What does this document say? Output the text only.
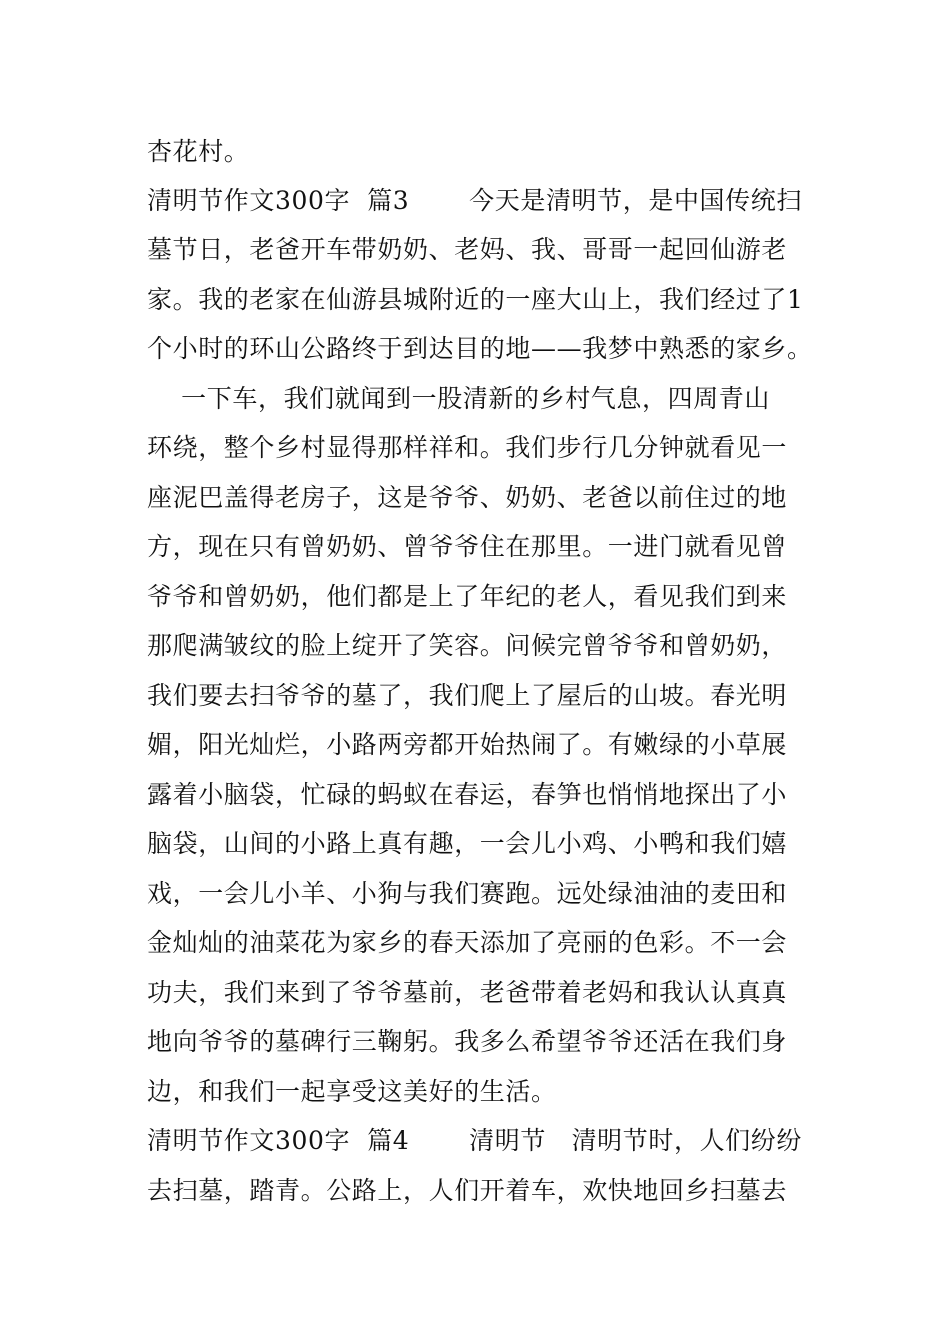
杏花村。
清明节作文300字  篇3       今天是清明节，是中国传统扫
墓节日，老爸开车带奶奶、老妈、我、哥哥一起回仙游老
家。我的老家在仙游县城附近的一座大山上，我们经过了1
个小时的环山公路终于到达目的地——我梦中熟悉的家乡。
一下车，我们就闻到一股清新的乡村气息，四周青山
环绕，整个乡村显得那样祥和。我们步行几分钟就看见一
座泥巴盖得老房子，这是爷爷、奶奶、老爸以前住过的地
方，现在只有曾奶奶、曾爷爷住在那里。一进门就看见曾
爷爷和曾奶奶，他们都是上了年纪的老人，看见我们到来
那爬满皱纹的脸上绽开了笑容。问候完曾爷爷和曾奶奶，
我们要去扫爷爷的墓了，我们爬上了屋后的山坡。春光明
媚，阳光灿烂，小路两旁都开始热闹了。有嫩绿的小草展
露着小脑袋，忙碌的蚂蚁在春运，春笋也悄悄地探出了小
脑袋，山间的小路上真有趣，一会儿小鸡、小鸭和我们嬉
戏，一会儿小羊、小狗与我们赛跑。远处绿油油的麦田和
金灿灿的油菜花为家乡的春天添加了亮丽的色彩。不一会
功夫，我们来到了爷爷墓前，老爸带着老妈和我认认真真
地向爷爷的墓碑行三鞠躬。我多么希望爷爷还活在我们身
边，和我们一起享受这美好的生活。
清明节作文300字  篇4       清明节   清明节时，人们纷纷
去扫墓，踏青。公路上，人们开着车，欢快地回乡扫墓去
